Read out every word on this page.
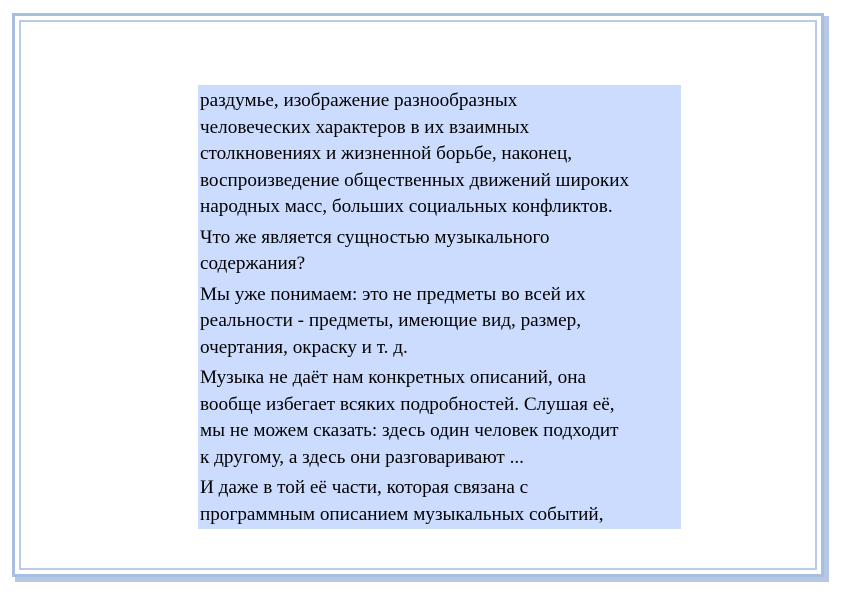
раздумье, изображение разнообразных
человеческих характеров в их взаимных
столкновениях и жизненной борьбе, наконец,
воспроизведение общественных движений широких
народных масс, больших социальных конфликтов.
Что же является сущностью музыкального
содержания?
Мы уже понимаем: это не предметы во всей их
реальности - предметы, имеющие вид, размер,
очертания, окраску и т. д.
Музыка не даёт нам конкретных описаний, она
вообще избегает всяких подробностей. Слушая её,
мы не можем сказать: здесь один человек подходит
к другому, а здесь они разговаривают ...
И даже в той её части, которая связана с
программным описанием музыкальных событий,
